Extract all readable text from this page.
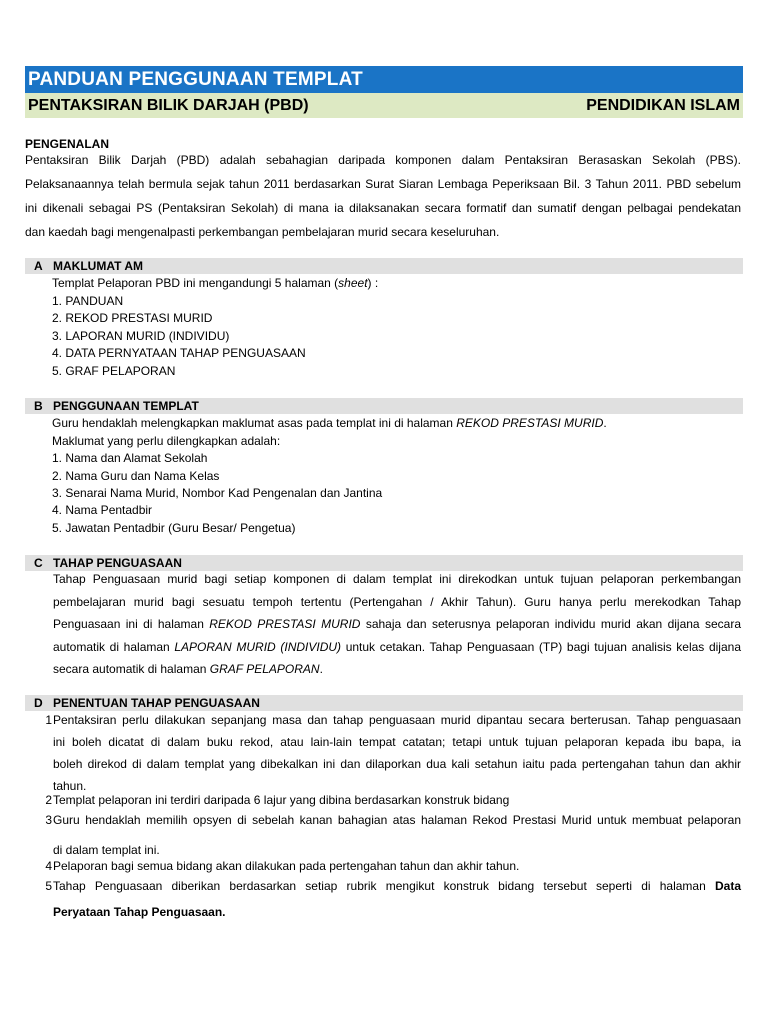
PANDUAN PENGGUNAAN TEMPLAT
PENTAKSIRAN BILIK DARJAH (PBD)	PENDIDIKAN ISLAM
PENGENALAN
Pentaksiran Bilik Darjah (PBD) adalah sebahagian daripada komponen dalam Pentaksiran Berasaskan Sekolah (PBS).
Pelaksanaannya telah bermula sejak tahun 2011 berdasarkan Surat Siaran Lembaga Peperiksaan Bil. 3 Tahun 2011. PBD sebelum
ini dikenali sebagai PS (Pentaksiran Sekolah) di mana ia dilaksanakan secara formatif dan sumatif dengan pelbagai pendekatan
dan kaedah bagi mengenalpasti perkembangan pembelajaran murid secara keseluruhan.
A MAKLUMAT AM
Templat Pelaporan PBD ini mengandungi 5 halaman (sheet) :
1. PANDUAN
2. REKOD PRESTASI MURID
3. LAPORAN MURID (INDIVIDU)
4. DATA PERNYATAAN TAHAP PENGUASAAN
5. GRAF PELAPORAN
B PENGGUNAAN TEMPLAT
Guru hendaklah melengkapkan maklumat asas pada templat ini di halaman REKOD PRESTASI MURID.
Maklumat yang perlu dilengkapkan adalah:
1. Nama dan Alamat Sekolah
2. Nama Guru dan Nama Kelas
3. Senarai Nama Murid, Nombor Kad Pengenalan dan Jantina
4. Nama Pentadbir
5. Jawatan Pentadbir (Guru Besar/ Pengetua)
C TAHAP PENGUASAAN
Tahap Penguasaan murid bagi setiap komponen di dalam templat ini direkodkan untuk tujuan pelaporan perkembangan
pembelajaran murid bagi sesuatu tempoh tertentu (Pertengahan / Akhir Tahun). Guru hanya perlu merekodkan Tahap
Penguasaan ini di halaman REKOD PRESTASI MURID sahaja dan seterusnya pelaporan individu murid akan dijana secara
automatik di halaman LAPORAN MURID (INDIVIDU) untuk cetakan. Tahap Penguasaan (TP) bagi tujuan analisis kelas dijana
secara automatik di halaman GRAF PELAPORAN.
D PENENTUAN TAHAP PENGUASAAN
1 Pentaksiran perlu dilakukan sepanjang masa dan tahap penguasaan murid dipantau secara berterusan. Tahap penguasaan
ini boleh dicatat di dalam buku rekod, atau lain-lain tempat catatan; tetapi untuk tujuan pelaporan kepada ibu bapa, ia
boleh direkod di dalam templat yang dibekalkan ini dan dilaporkan dua kali setahun iaitu pada pertengahan tahun dan akhir
tahun.
2 Templat pelaporan ini terdiri daripada 6 lajur yang dibina berdasarkan konstruk bidang
3 Guru hendaklah memilih opsyen di sebelah kanan bahagian atas halaman Rekod Prestasi Murid untuk membuat pelaporan
di dalam templat ini.
4 Pelaporan bagi semua bidang akan dilakukan pada pertengahan tahun dan akhir tahun.
5 Tahap Penguasaan diberikan berdasarkan setiap rubrik mengikut konstruk bidang tersebut seperti di halaman Data
Peryataan Tahap Penguasaan.
